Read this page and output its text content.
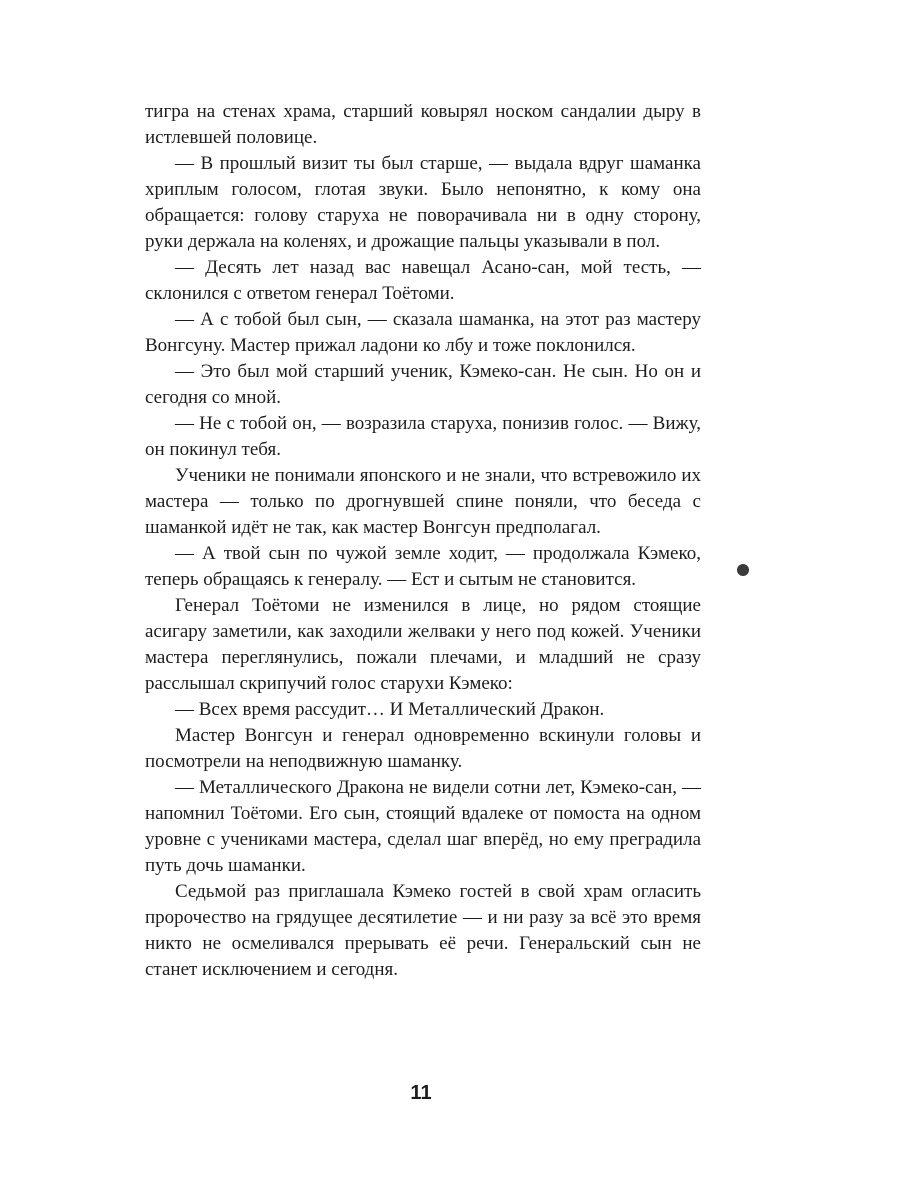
тигра на стенах храма, старший ковырял носком сандалии дыру в истлевшей половице.

— В прошлый визит ты был старше, — выдала вдруг шаманка хриплым голосом, глотая звуки. Было непонятно, к кому она обращается: голову старуха не поворачивала ни в одну сторону, руки держала на коленях, и дрожащие пальцы указывали в пол.

— Десять лет назад вас навещал Асано-сан, мой тесть, — склонился с ответом генерал Тоётоми.

— А с тобой был сын, — сказала шаманка, на этот раз мастеру Вонгсуну. Мастер прижал ладони ко лбу и тоже поклонился.

— Это был мой старший ученик, Кэмеко-сан. Не сын. Но он и сегодня со мной.

— Не с тобой он, — возразила старуха, понизив голос. — Вижу, он покинул тебя.

Ученики не понимали японского и не знали, что встревожило их мастера — только по дрогнувшей спине поняли, что беседа с шаманкой идёт не так, как мастер Вонгсун предполагал.

— А твой сын по чужой земле ходит, — продолжала Кэмеко, теперь обращаясь к генералу. — Ест и сытым не становится.

Генерал Тоётоми не изменился в лице, но рядом стоящие асигару заметили, как заходили желваки у него под кожей. Ученики мастера переглянулись, пожали плечами, и младший не сразу расслышал скрипучий голос старухи Кэмеко:

— Всех время рассудит… И Металлический Дракон.

Мастер Вонгсун и генерал одновременно вскинули головы и посмотрели на неподвижную шаманку.

— Металлического Дракона не видели сотни лет, Кэмеко-сан, — напомнил Тоётоми. Его сын, стоящий вдалеке от помоста на одном уровне с учениками мастера, сделал шаг вперёд, но ему преградила путь дочь шаманки.

Седьмой раз приглашала Кэмеко гостей в свой храм огласить пророчество на грядущее десятилетие — и ни разу за всё это время никто не осмеливался прерывать её речи. Генеральский сын не станет исключением и сегодня.

11
